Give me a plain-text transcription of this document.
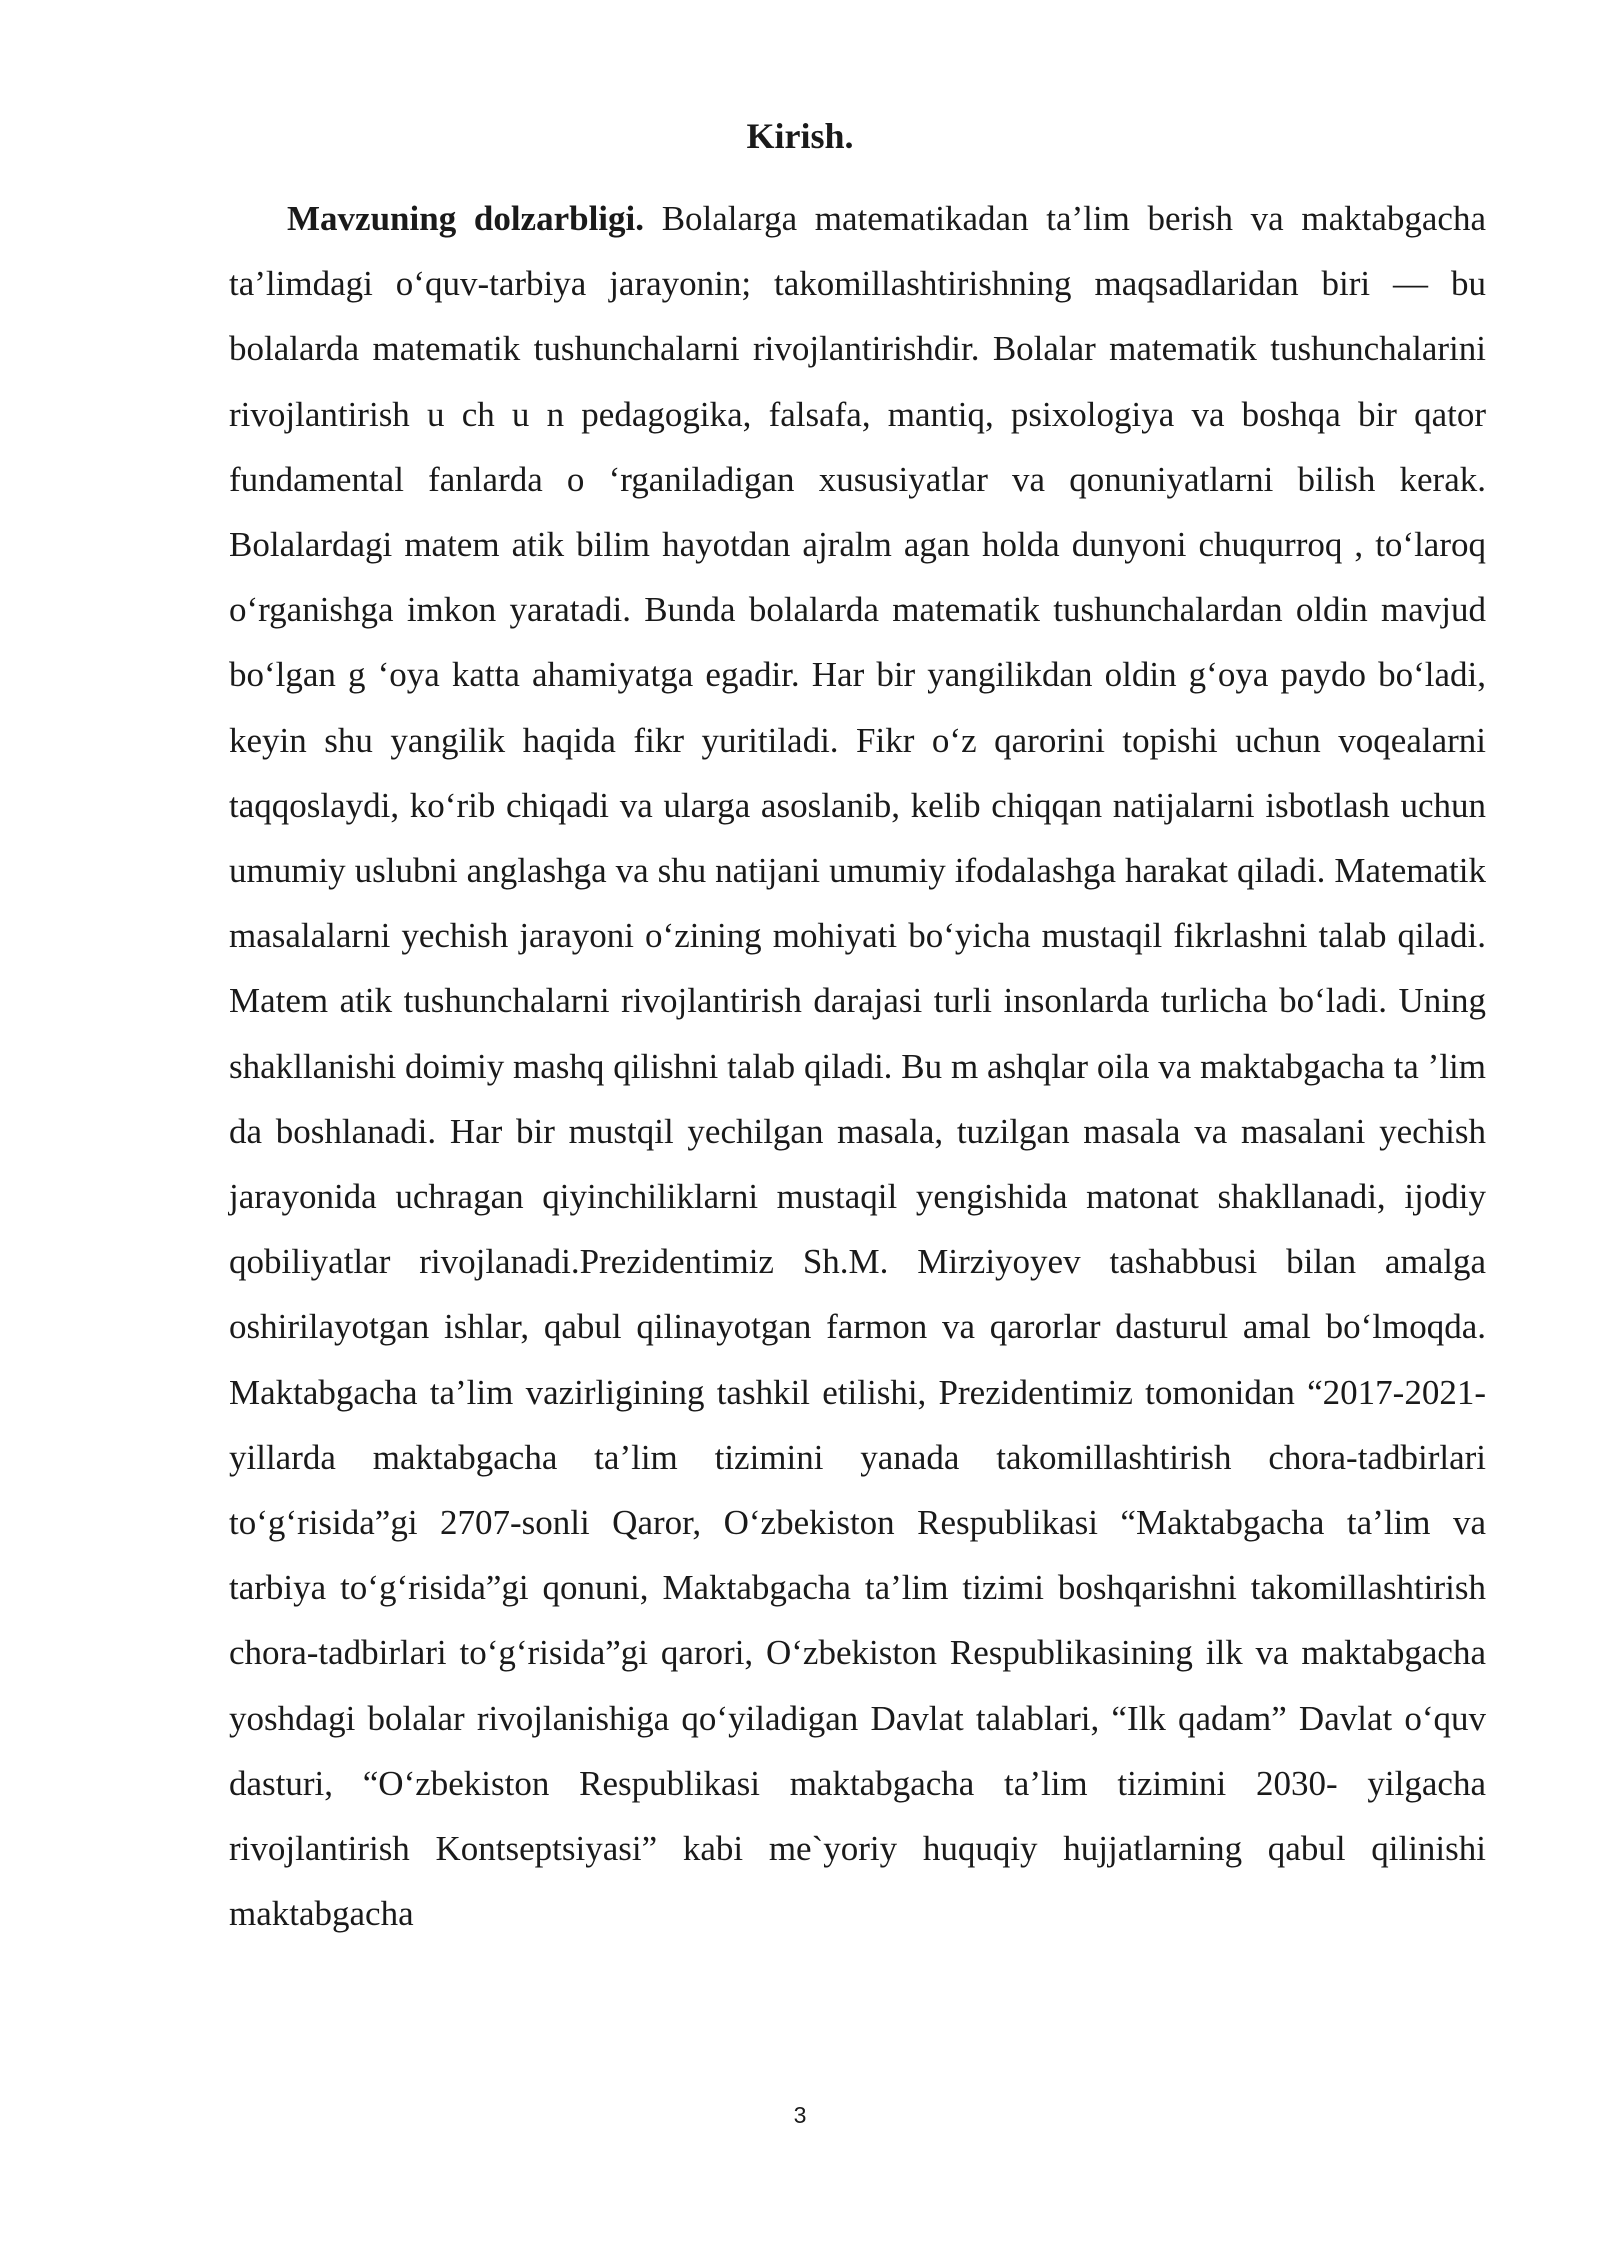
Kirish.

Mavzuning dolzarbligi. Bolalarga matematikadan ta’lim berish va maktabgacha ta’limdagi o‘quv-tarbiya jarayonin; takomillashtirishning maqsadlaridan biri — bu bolalarda matematik tushunchalarni rivojlantirishdir. Bolalar matematik tushunchalarini rivojlantirish u ch u n pedagogika, falsafa, mantiq, psixologiya va boshqa bir qator fundamental fanlarda o ‘rganiladigan xususiyatlar va qonuniyatlarni bilish kerak. Bolalardagi matem atik bilim hayotdan ajralm agan holda dunyoni chuqurroq , to‘laroq o‘rganishga imkon yaratadi. Bunda bolalarda matematik tushunchalardan oldin mavjud bo‘lgan g ‘oya katta ahamiyatga egadir. Har bir yangilikdan oldin g‘oya paydo bo‘ladi, keyin shu yangilik haqida fikr yuritiladi. Fikr o‘z qarorini topishi uchun voqealarni taqqoslaydi, ko‘rib chiqadi va ularga asoslanib, kelib chiqqan natijalarni isbotlash uchun umumiy uslubni anglashga va shu natijani umumiy ifodalashga harakat qiladi. Matematik masalalarni yechish jarayoni o‘zining mohiyati bo‘yicha mustaqil fikrlashni talab qiladi. Matem atik tushunchalarni rivojlantirish darajasi turli insonlarda turlicha bo‘ladi. Uning shakllanishi doimiy mashq qilishni talab qiladi. Bu m ashqlar oila va maktabgacha ta ’lim da boshlanadi. Har bir mustqil yechilgan masala, tuzilgan masala va masalani yechish jarayonida uchragan qiyinchiliklarni mustaqil yengishida matonat shakllanadi, ijodiy qobiliyatlar rivojlanadi.Prezidentimiz Sh.M. Mirziyoyev tashabbusi bilan amalga oshirilayotgan ishlar, qabul qilinayotgan farmon va qarorlar dasturul amal bo‘lmoqda. Maktabgacha ta’lim vazirligining tashkil etilishi, Prezidentimiz tomonidan “2017-2021-yillarda maktabgacha ta’lim tizimini yanada takomillashtirish chora-tadbirlari to‘g‘risida”gi 2707-sonli Qaror, O‘zbekiston Respublikasi “Maktabgacha ta’lim va tarbiya to‘g‘risida”gi qonuni, Maktabgacha ta’lim tizimi boshqarishni takomillashtirish chora-tadbirlari to‘g‘risida”gi qarori, O‘zbekiston Respublikasining ilk va maktabgacha yoshdagi bolalar rivojlanishiga qo‘yiladigan Davlat talablari, “Ilk qadam” Davlat o‘quv dasturi, “O‘zbekiston Respublikasi maktabgacha ta’lim tizimini 2030- yilgacha rivojlantirish Kontseptsiyasi” kabi me`yoriy huquqiy hujjatlarning qabul qilinishi maktabgacha

3
